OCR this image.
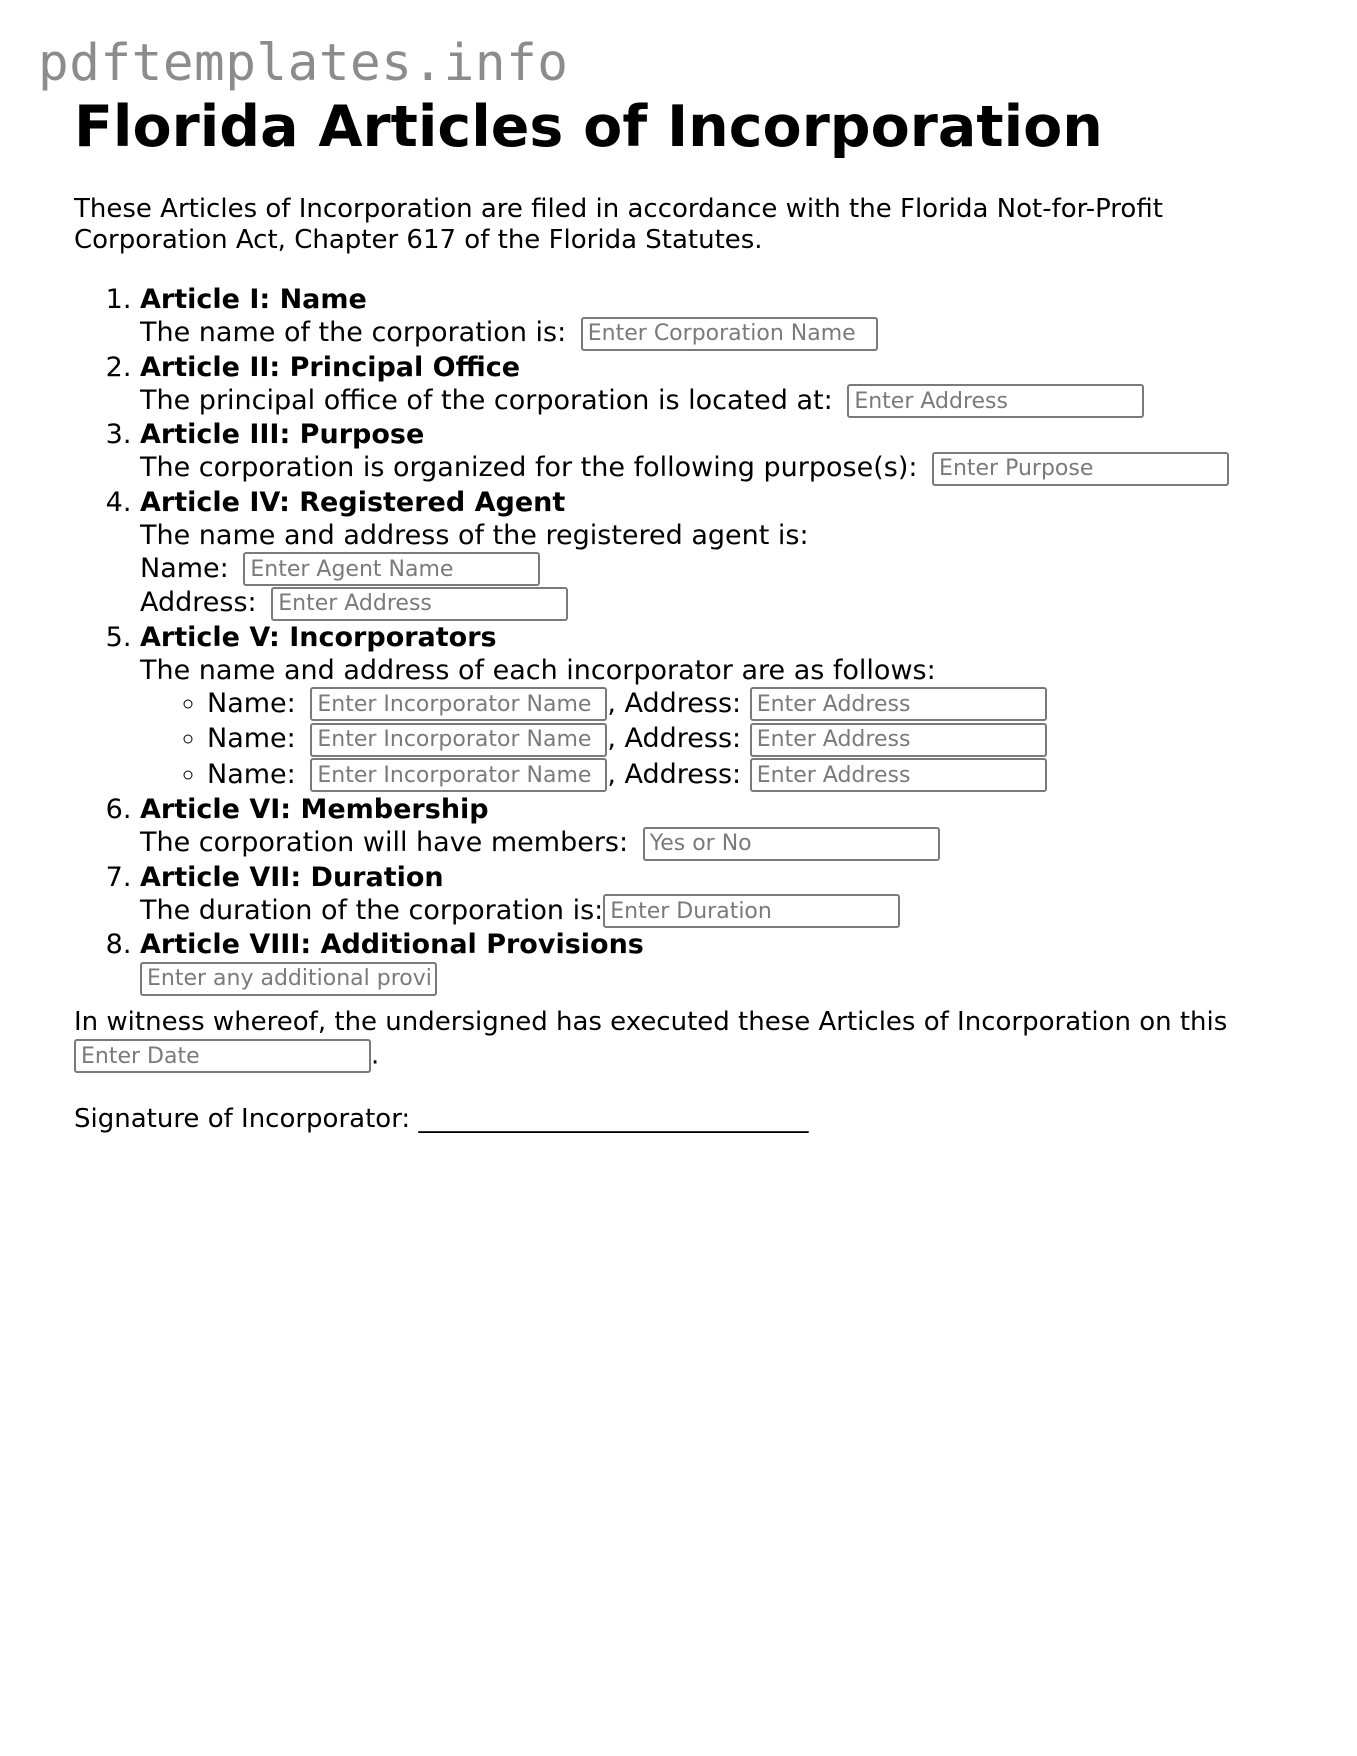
pdftemplates.info
Florida Articles of Incorporation

These Articles of Incorporation are filed in accordance with the Florida Not-for-Profit Corporation Act, Chapter 617 of the Florida Statutes.

1. Article I: Name
The name of the corporation is: Enter Corporation Name
2. Article II: Principal Office
The principal office of the corporation is located at: Enter Address
3. Article III: Purpose
The corporation is organized for the following purpose(s): Enter Purpose
4. Article IV: Registered Agent
The name and address of the registered agent is:
Name: Enter Agent Name
Address: Enter Address
5. Article V: Incorporators
The name and address of each incorporator are as follows:
◦ Name: Enter Incorporator Name 1	, Address: Enter Address
◦ Name: Enter Incorporator Name 2	, Address: Enter Address
◦ Name: Enter Incorporator Name 3	, Address: Enter Address
6. Article VI: Membership
The corporation will have members: Yes or No
7. Article VII: Duration
The duration of the corporation is:Enter Duration
8. Article VIII: Additional Provisions
Enter any additional provisions

In witness whereof, the undersigned has executed these Articles of Incorporation on this
Enter Date.

Signature of Incorporator: ______________________________
